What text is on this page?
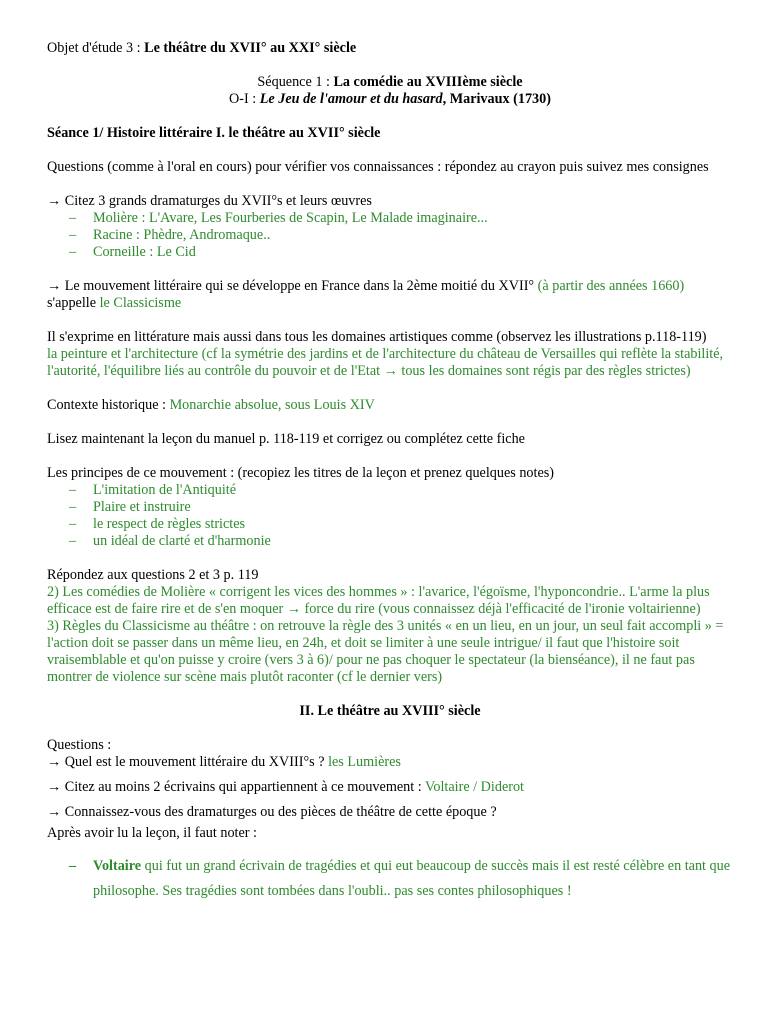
Objet d'étude 3 : Le théâtre du XVII° au XXI° siècle

Séquence 1 : La comédie au XVIIIème siècle

O-I : Le Jeu de l'amour et du hasard, Marivaux (1730)

Séance 1/ Histoire littéraire I. le théâtre au XVII° siècle

Questions (comme à l'oral en cours) pour vérifier vos connaissances : répondez au crayon puis suivez mes consignes

→ Citez 3 grands dramaturges du XVII°s et leurs œuvres

– Molière : L'Avare, Les Fourberies de Scapin, Le Malade imaginaire...
– Racine : Phèdre, Andromaque..
– Corneille : Le Cid

→ Le mouvement littéraire qui se développe en France dans la 2ème moitié du XVII° (à partir des années 1660) s'appelle le Classicisme

Il s'exprime en littérature mais aussi dans tous les domaines artistiques comme (observez les illustrations p.118-119)

la peinture et l'architecture (cf la symétrie des jardins et de l'architecture du château de Versailles qui reflète la stabilité, l'autorité, l'équilibre liés au contrôle du pouvoir et de l'Etat → tous les domaines sont régis par des règles strictes)

Contexte historique : Monarchie absolue, sous Louis XIV

Lisez maintenant la leçon du manuel p. 118-119 et corrigez ou complétez cette fiche

Les principes de ce mouvement : (recopiez les titres de la leçon et prenez quelques notes)

– L'imitation de l'Antiquité
– Plaire et instruire
– le respect de règles strictes
– un idéal de clarté et d'harmonie

Répondez aux questions 2 et 3 p. 119

2) Les comédies de Molière « corrigent les vices des hommes » : l'avarice, l'égoïsme, l'hyponcondrie.. L'arme la plus efficace est de faire rire et de s'en moquer → force du rire (vous connaissez déjà l'efficacité de l'ironie voltairienne)

3) Règles du Classicisme au théâtre : on retrouve la règle des 3 unités « en un lieu, en un jour, un seul fait accompli » = l'action doit se passer dans un même lieu, en 24h, et doit se limiter à une seule intrigue/ il faut que l'histoire soit vraisemblable et qu'on puisse y croire (vers 3 à 6)/ pour ne pas choquer le spectateur (la bienséance), il ne faut pas montrer de violence sur scène mais plutôt raconter (cf le dernier vers)

II. Le théâtre au XVIII° siècle

Questions :

→ Quel est le mouvement littéraire du XVIII°s ? les Lumières

→ Citez au moins 2 écrivains qui appartiennent à ce mouvement : Voltaire / Diderot

→ Connaissez-vous des dramaturges ou des pièces de théâtre de cette époque ?

Après avoir lu la leçon, il faut noter :

– Voltaire qui fut un grand écrivain de tragédies et qui eut beaucoup de succès mais il est resté célèbre en tant que philosophe. Ses tragédies sont tombées dans l'oubli.. pas ses contes philosophiques !
